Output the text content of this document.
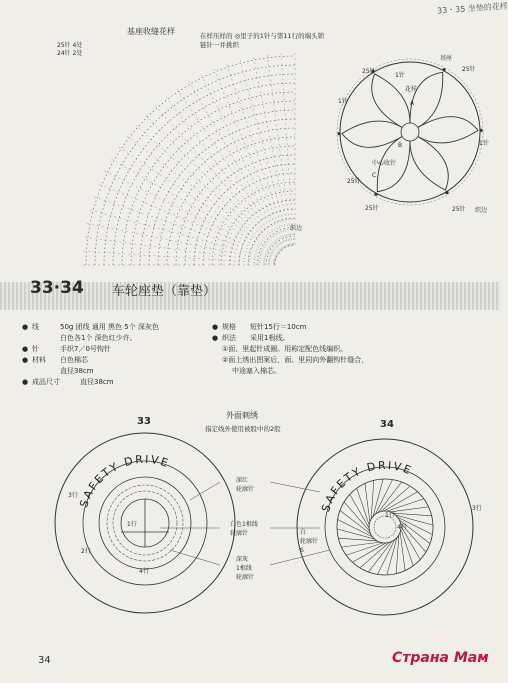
33・35 坐垫的花样
基座收缝花样
25针 4处
24针 2处
在样压样的 ◎里子的1针与第11行的端头锁链针一并挑织
1针
基座
花样
中心收针
25针	25针
25针
25针
25针
1针
1针
织边
织边
A
B
C
33·34 车轮座垫（靠垫）
● 线	50g 团线 通用 黑色 5个 深灰色
白色各1个 深色红少许。
● 针	手织7／0号钩针
● 材料 白色棉芯
直径38cm
● 成品尺寸	直径38cm
● 规格 短针15行＝10cm
● 织法 采用1根线。
①面、里起针成圈。用称定配色线编织。
②面上绣出图案后，面、里同向外翻钩针缝合，
中途塞入棉芯。
外面刺绣
指定线外使用被股中的2股
33	34
SAFETY DRIVE
SAFETY DRIVE
深红
轮廓针
白色1根线
轮廓针
深灰
1根线
轮廓针
3行
2行
1行
4行
3行
1行
4行
白
轮廓针
S
34	Страна Мам
